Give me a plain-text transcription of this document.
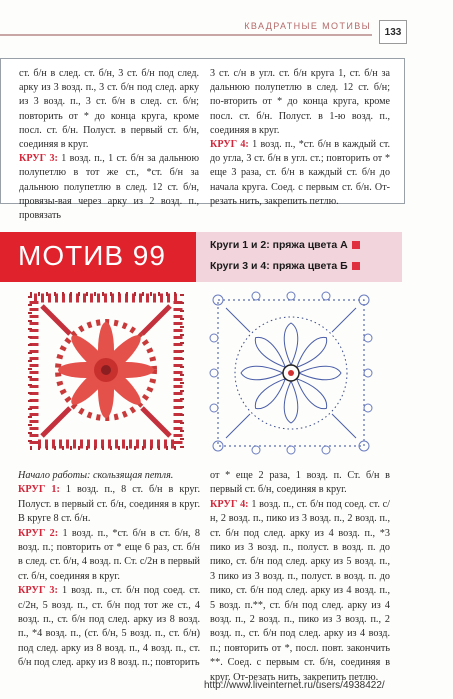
КВАДРАТНЫЕ МОТИВЫ
133
ст. б/н в след. ст. б/н, 3 ст. б/н под след. арку из 3 возд. п., 3 ст. б/н под след. арку из 3 возд. п., 3 ст. б/н в след. ст. б/н; повторить от * до конца круга, кроме посл. ст. б/н. Полуст. в первый ст. б/н, соединяя в круг.
КРУГ 3: 1 возд. п., 1 ст. б/н за дальнюю полупетлю в тот же ст., *ст. б/н за дальнюю полупетлю в след. 12 ст. б/н, провязы-вая через арку из 2 возд. п., провязать
3 ст. с/н в угл. ст. б/н круга 1, ст. б/н за дальнюю полупетлю в след. 12 ст. б/н; по-вторить от * до конца круга, кроме посл. ст. б/н. Полуст. в 1-ю возд. п., соединяя в круг.
КРУГ 4: 1 возд. п., *ст. б/н в каждый ст. до угла, 3 ст. б/н в угл. ст.; повторить от * еще 3 раза, ст. б/н в каждый ст. б/н до начала круга. Соед. с первым ст. б/н. От-резать нить, закрепить петлю.
МОТИВ 99	Круги 1 и 2: пряжа цвета А
Круги 3 и 4: пряжа цвета Б
Начало работы: скользящая петля.
КРУГ 1: 1 возд. п., 8 ст. б/н в круг. Полуст. в первый ст. б/н, соединяя в круг. В круге 8 ст. б/н.
КРУГ 2: 1 возд. п., *ст. б/н в ст. б/н, 8 возд. п.; повторить от * еще 6 раз, ст. б/н в след. ст. б/н, 4 возд. п. Ст. с/2н в первый ст. б/н, соединяя в круг.
КРУГ 3: 1 возд. п., ст. б/н под соед. ст. с/2н, 5 возд. п., ст. б/н под тот же ст., 4 возд. п., ст. б/н под след. арку из 8 возд. п., *4 возд. п., (ст. б/н, 5 возд. п., ст. б/н) под след. арку из 8 возд. п., 4 возд. п., ст. б/н под след. арку из 8 возд. п.; повторить
от * еще 2 раза, 1 возд. п. Ст. б/н в первый ст. б/н, соединяя в круг.
КРУГ 4: 1 возд. п., ст. б/н под соед. ст. с/н, 2 возд. п., пико из 3 возд. п., 2 возд. п., ст. б/н под след. арку из 4 возд. п., *3 пико из 3 возд. п., полуст. в возд. п. до пико, ст. б/н под след. арку из 5 возд. п., 3 пико из 3 возд. п., полуст. в возд. п. до пико, ст. б/н под след. арку из 4 возд. п., 5 возд. п.**, ст. б/н под след. арку из 4 возд. п., 2 возд. п., пико из 3 возд. п., 2 возд. п., ст. б/н под след. арку из 4 возд. п.; повторить от *, посл. повт. закончить **. Соед. с первым ст. б/н, соединяя в круг. От-резать нить, закрепить петлю.
http://www.liveinternet.ru/users/4938422/
